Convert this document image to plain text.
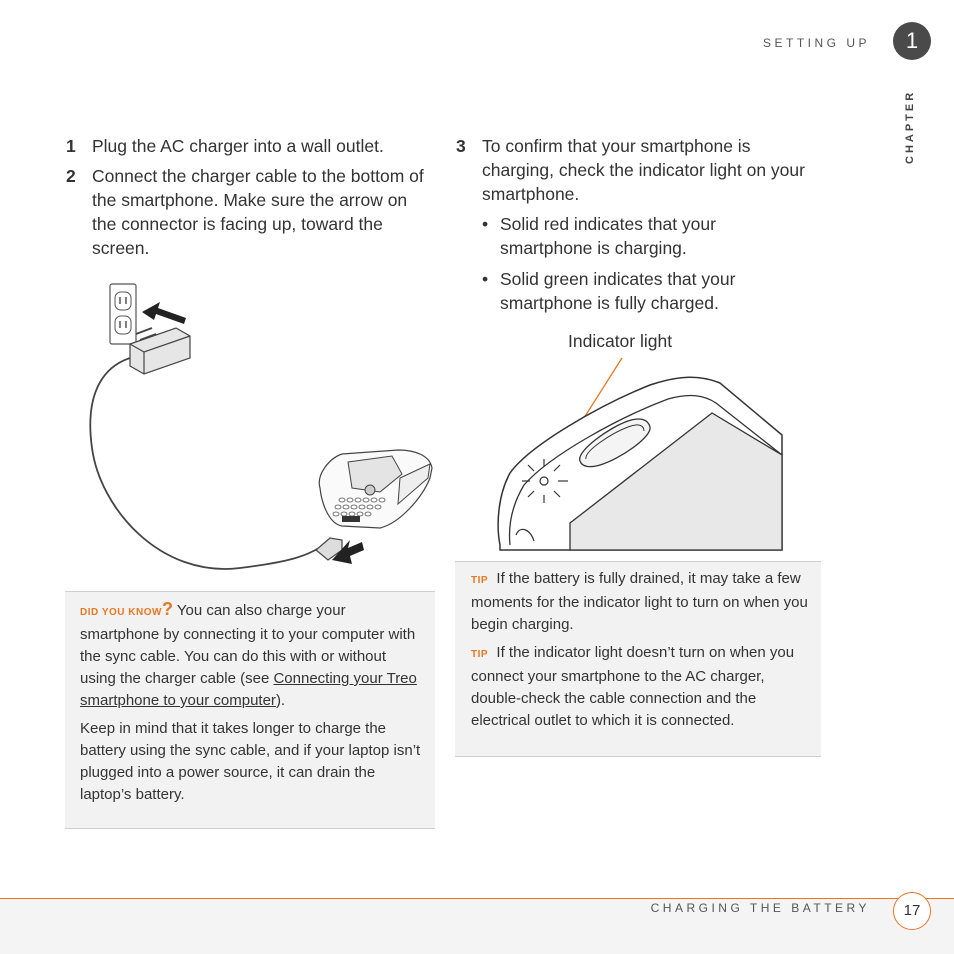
SETTING UP	1
CHAPTER
1 Plug the AC charger into a wall outlet.
2 Connect the charger cable to the bottom of the smartphone. Make sure the arrow on the connector is facing up, toward the screen.
3 To confirm that your smartphone is charging, check the indicator light on your smartphone.
• Solid red indicates that your smartphone is charging.
• Solid green indicates that your smartphone is fully charged.
Indicator light

DID YOU KNOW? You can also charge your smartphone by connecting it to your computer with the sync cable. You can do this with or without using the charger cable (see Connecting your Treo smartphone to your computer).

Keep in mind that it takes longer to charge the battery using the sync cable, and if your laptop isn’t plugged into a power source, it can drain the laptop’s battery.

TIP If the battery is fully drained, it may take a few moments for the indicator light to turn on when you begin charging.

TIP If the indicator light doesn’t turn on when you connect your smartphone to the AC charger, double-check the cable connection and the electrical outlet to which it is connected.

CHARGING THE BATTERY	17
